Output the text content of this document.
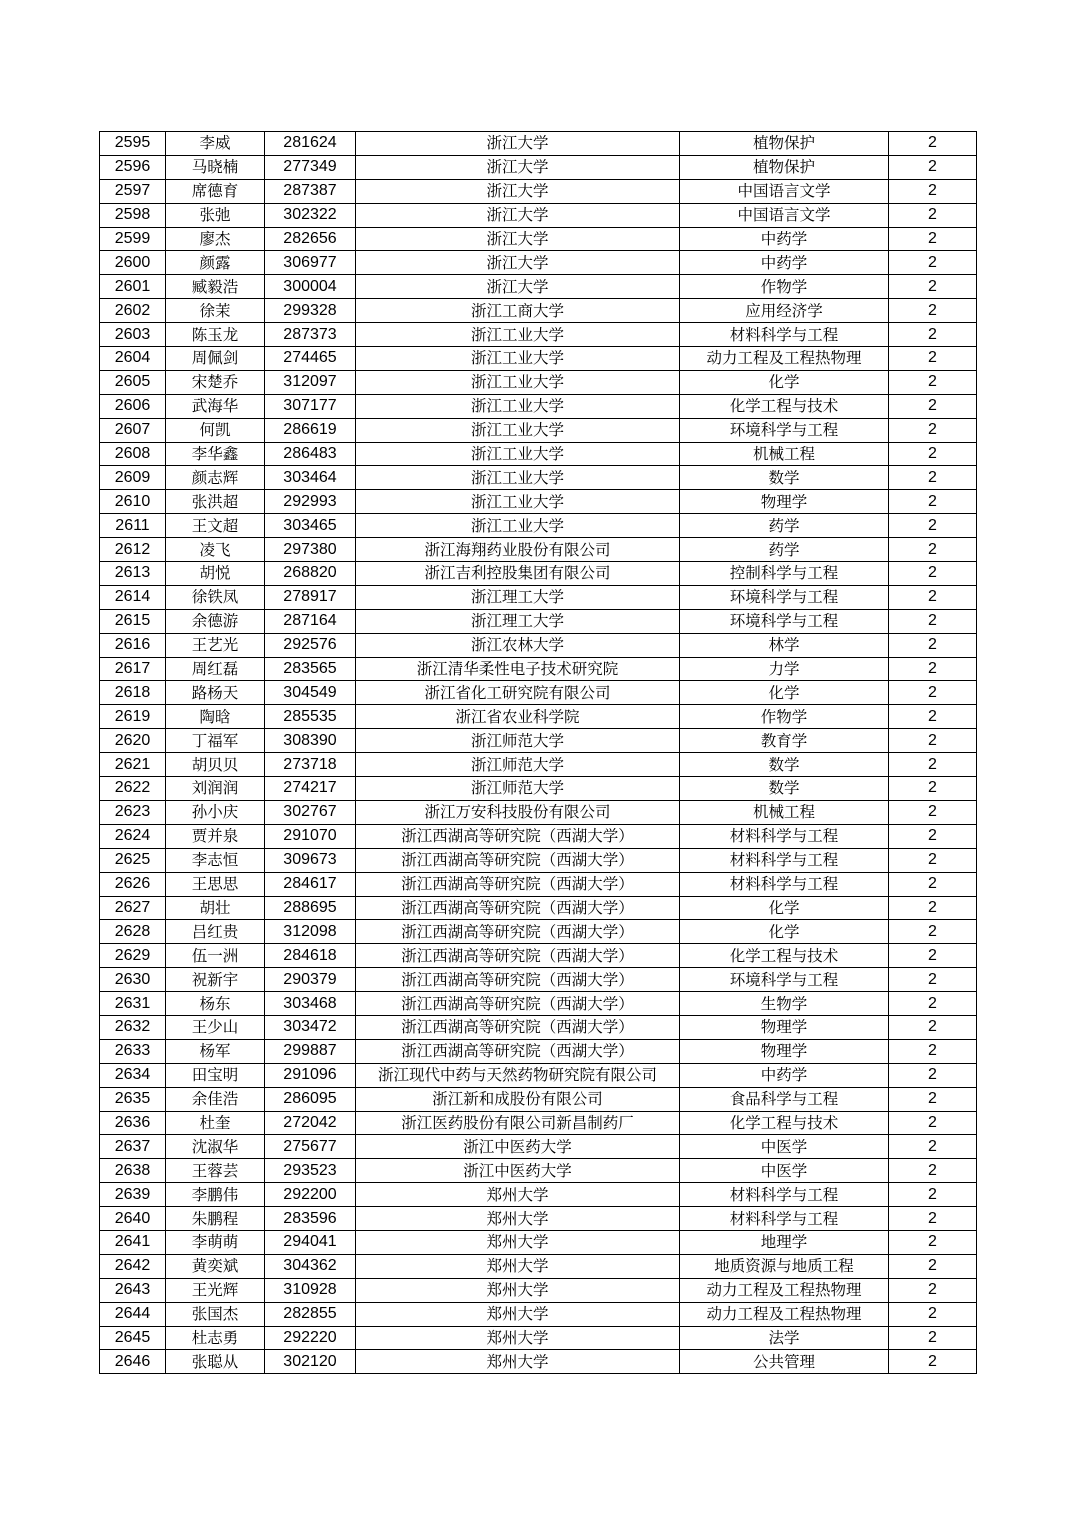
2595	李威	281624	浙江大学	植物保护	2
2596	马晓楠	277349	浙江大学	植物保护	2
2597	席德育	287387	浙江大学	中国语言文学	2
2598	张弛	302322	浙江大学	中国语言文学	2
2599	廖杰	282656	浙江大学	中药学	2
2600	颜露	306977	浙江大学	中药学	2
2601	臧毅浩	300004	浙江大学	作物学	2
2602	徐茉	299328	浙江工商大学	应用经济学	2
2603	陈玉龙	287373	浙江工业大学	材料科学与工程	2
2604	周佩剑	274465	浙江工业大学	动力工程及工程热物理	2
2605	宋楚乔	312097	浙江工业大学	化学	2
2606	武海华	307177	浙江工业大学	化学工程与技术	2
2607	何凯	286619	浙江工业大学	环境科学与工程	2
2608	李华鑫	286483	浙江工业大学	机械工程	2
2609	颜志辉	303464	浙江工业大学	数学	2
2610	张洪超	292993	浙江工业大学	物理学	2
2611	王文超	303465	浙江工业大学	药学	2
2612	凌飞	297380	浙江海翔药业股份有限公司	药学	2
2613	胡悦	268820	浙江吉利控股集团有限公司	控制科学与工程	2
2614	徐铁凤	278917	浙江理工大学	环境科学与工程	2
2615	余德游	287164	浙江理工大学	环境科学与工程	2
2616	王艺光	292576	浙江农林大学	林学	2
2617	周红磊	283565	浙江清华柔性电子技术研究院	力学	2
2618	路杨天	304549	浙江省化工研究院有限公司	化学	2
2619	陶晗	285535	浙江省农业科学院	作物学	2
2620	丁福军	308390	浙江师范大学	教育学	2
2621	胡贝贝	273718	浙江师范大学	数学	2
2622	刘润润	274217	浙江师范大学	数学	2
2623	孙小庆	302767	浙江万安科技股份有限公司	机械工程	2
2624	贾并泉	291070	浙江西湖高等研究院（西湖大学）	材料科学与工程	2
2625	李志恒	309673	浙江西湖高等研究院（西湖大学）	材料科学与工程	2
2626	王思思	284617	浙江西湖高等研究院（西湖大学）	材料科学与工程	2
2627	胡壮	288695	浙江西湖高等研究院（西湖大学）	化学	2
2628	吕红贵	312098	浙江西湖高等研究院（西湖大学）	化学	2
2629	伍一洲	284618	浙江西湖高等研究院（西湖大学）	化学工程与技术	2
2630	祝新宇	290379	浙江西湖高等研究院（西湖大学）	环境科学与工程	2
2631	杨东	303468	浙江西湖高等研究院（西湖大学）	生物学	2
2632	王少山	303472	浙江西湖高等研究院（西湖大学）	物理学	2
2633	杨军	299887	浙江西湖高等研究院（西湖大学）	物理学	2
2634	田宝明	291096	浙江现代中药与天然药物研究院有限公司	中药学	2
2635	余佳浩	286095	浙江新和成股份有限公司	食品科学与工程	2
2636	杜奎	272042	浙江医药股份有限公司新昌制药厂	化学工程与技术	2
2637	沈淑华	275677	浙江中医药大学	中医学	2
2638	王蓉芸	293523	浙江中医药大学	中医学	2
2639	李鹏伟	292200	郑州大学	材料科学与工程	2
2640	朱鹏程	283596	郑州大学	材料科学与工程	2
2641	李萌萌	294041	郑州大学	地理学	2
2642	黄奕斌	304362	郑州大学	地质资源与地质工程	2
2643	王光辉	310928	郑州大学	动力工程及工程热物理	2
2644	张国杰	282855	郑州大学	动力工程及工程热物理	2
2645	杜志勇	292220	郑州大学	法学	2
2646	张聪从	302120	郑州大学	公共管理	2
